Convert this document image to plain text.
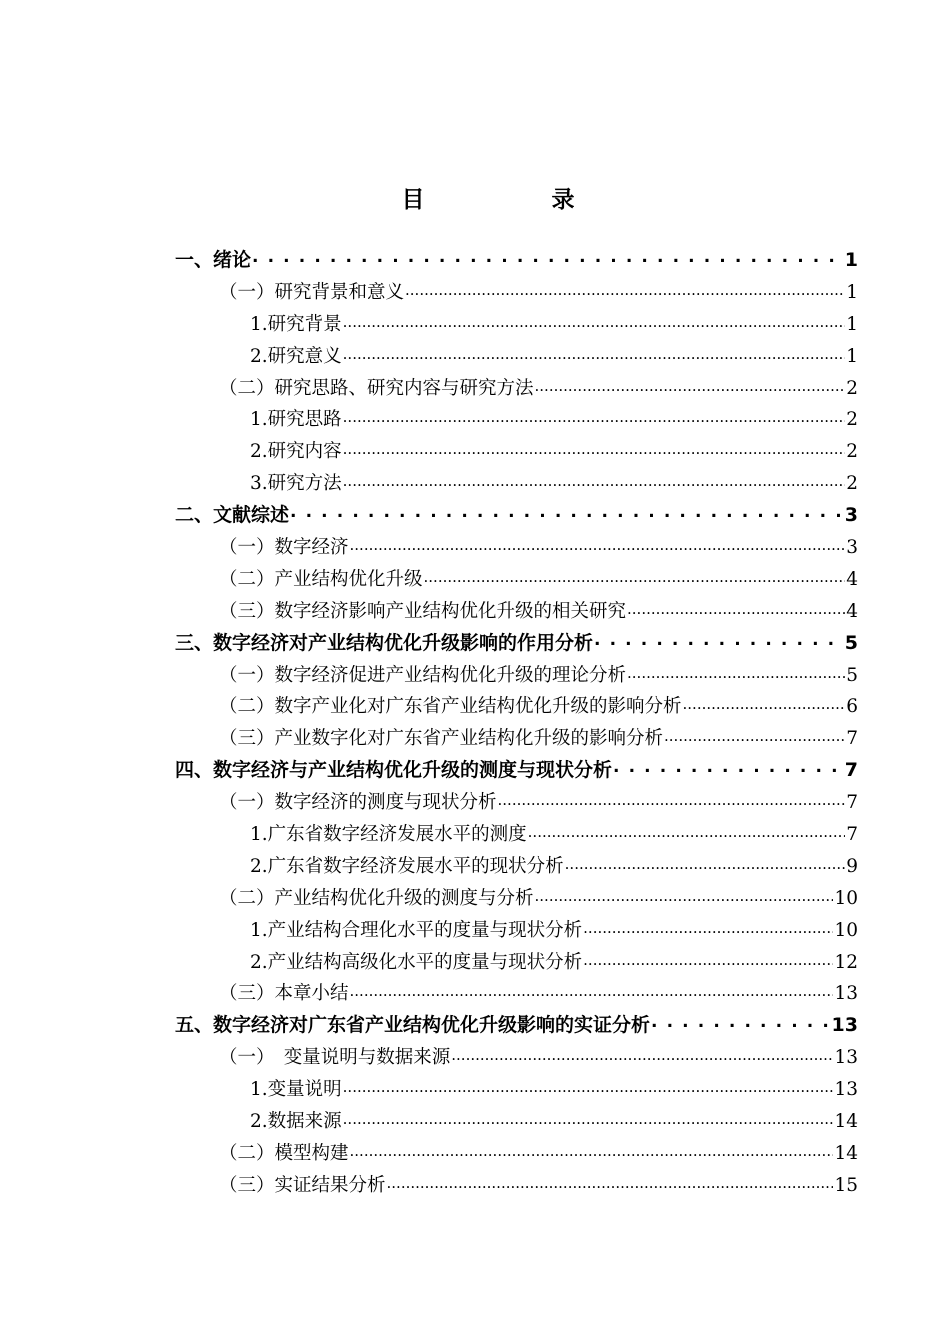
目　录
一、绪论 . . .	1
（一）研究背景和意义 .....	1
1.研究背景 .....	1
2.研究意义 .....	1
（二）研究思路、研究内容与研究方法 .....	2
1.研究思路 .....	2
2.研究内容 .....	2
3.研究方法 .....	2
二、文献综述 . . .	3
（一）数字经济 .....	3
（二）产业结构优化升级 .....	4
（三）数字经济影响产业结构优化升级的相关研究 .....	4
三、数字经济对产业结构优化升级影响的作用分析 . . .	5
（一）数字经济促进产业结构优化升级的理论分析 .....	5
（二）数字产业化对广东省产业结构优化升级的影响分析 .....	6
（三）产业数字化对广东省产业结构化升级的影响分析 .....	7
四、数字经济与产业结构优化升级的测度与现状分析 . . .	7
（一）数字经济的测度与现状分析 .....	7
1.广东省数字经济发展水平的测度 .....	7
2.广东省数字经济发展水平的现状分析 .....	9
（二）产业结构优化升级的测度与分析 .....	10
1.产业结构合理化水平的度量与现状分析 .....	10
2.产业结构高级化水平的度量与现状分析 .....	12
（三）本章小结 .....	13
五、数字经济对广东省产业结构优化升级影响的实证分析 . . .	13
（一）　变量说明与数据来源 .....	13
1.变量说明 .....	13
2.数据来源 .....	14
（二）模型构建 .....	14
（三）实证结果分析 .....	15
